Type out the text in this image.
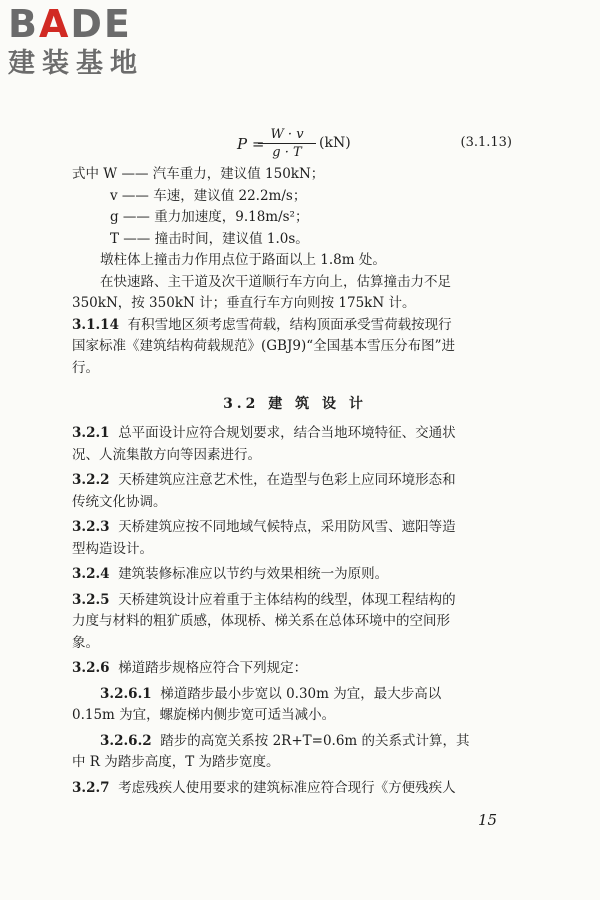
BADE

建装基地

P =
$\frac{W \cdot v}{g \cdot T} (kN)$	(3.1.13)

式中 W —— 汽车重力，建议值 150kN；

v —— 车速，建议值 22.2m/s；

g —— 重力加速度，9.18m/s²；

T —— 撞击时间，建议值 1.0s。

墩柱体上撞击力作用点位于路面以上 1.8m 处。

在快速路、主干道及次干道顺行车方向上，估算撞击力不足

350kN，按 350kN 计；垂直行车方向则按 175kN 计。

3.1.14 有积雪地区须考虑雪荷载，结构顶面承受雪荷载按现行

国家标准《建筑结构荷载规范》(GBJ9)“全国基本雪压分布图”进

行。

3.2 建 筑 设 计

3.2.1 总平面设计应符合规划要求，结合当地环境特征、交通状

况、人流集散方向等因素进行。

3.2.2 天桥建筑应注意艺术性，在造型与色彩上应同环境形态和

传统文化协调。

3.2.3 天桥建筑应按不同地域气候特点，采用防风雪、遮阳等造

型构造设计。

3.2.4 建筑装修标准应以节约与效果相统一为原则。

3.2.5 天桥建筑设计应着重于主体结构的线型，体现工程结构的

力度与材料的粗犷质感，体现桥、梯关系在总体环境中的空间形

象。

3.2.6 梯道踏步规格应符合下列规定：

3.2.6.1 梯道踏步最小步宽以 0.30m 为宜，最大步高以

0.15m 为宜，螺旋梯内侧步宽可适当减小。

3.2.6.2 踏步的高宽关系按 2R+T=0.6m 的关系式计算，其

中 R 为踏步高度，T 为踏步宽度。

3.2.7 考虑残疾人使用要求的建筑标准应符合现行《方便残疾人

15
